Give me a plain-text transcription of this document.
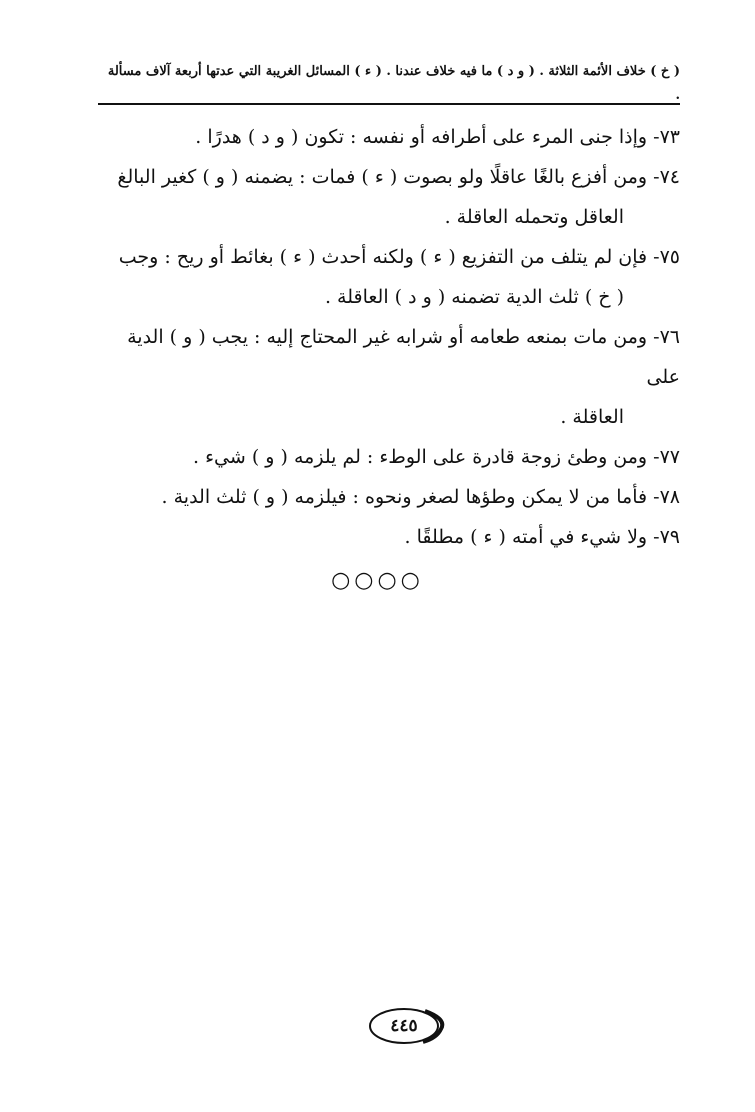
( خ ) خلاف الأئمة الثلاثة . ( و د ) ما فيه خلاف عندنا . ( ء ) المسائل الغريبة التي عدتها أربعة آلاف مسألة .
٧٣- وإذا جنى المرء على أطرافه أو نفسه : تكون ( و د ) هدرًا .
٧٤- ومن أفزع بالغًا عاقلًا ولو بصوت ( ء ) فمات : يضمنه ( و ) كغير البالغ
العاقل وتحمله العاقلة .
٧٥- فإن لم يتلف من التفزيع ( ء ) ولكنه أحدث ( ء ) بغائط أو ريح : وجب
( خ ) ثلث الدية تضمنه ( و د ) العاقلة .
٧٦- ومن مات بمنعه طعامه أو شرابه غير المحتاج إليه : يجب ( و ) الدية على
العاقلة .
٧٧- ومن وطئ زوجة قادرة على الوطء : لم يلزمه ( و ) شيء .
٧٨- فأما من لا يمكن وطؤها لصغر ونحوه : فيلزمه ( و ) ثلث الدية .
٧٩- ولا شيء في أمته ( ء ) مطلقًا .
○○○○
٤٤٥
